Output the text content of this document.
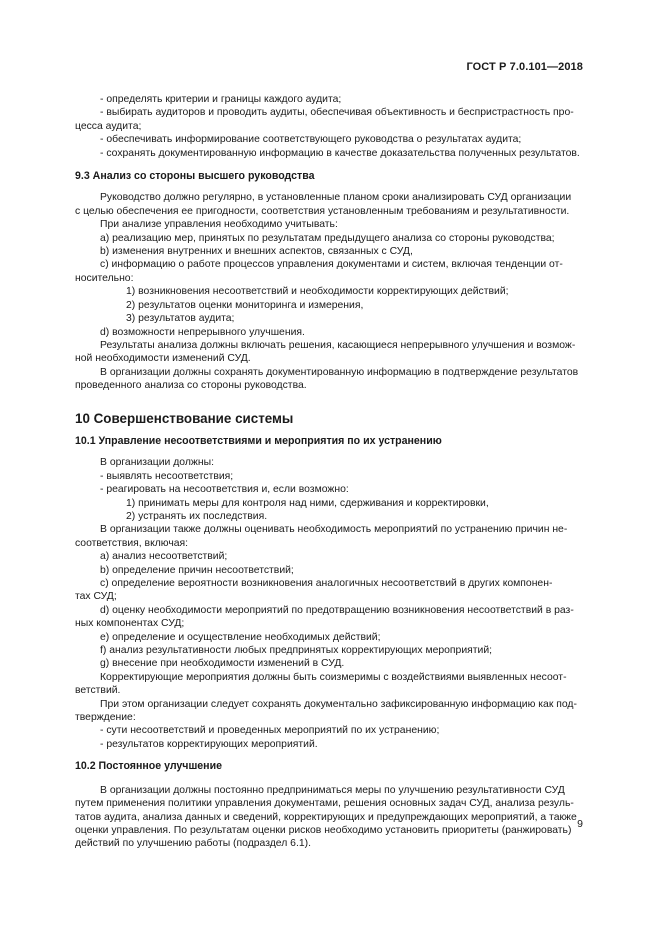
ГОСТ Р 7.0.101—2018
- определять критерии и границы каждого аудита;
- выбирать аудиторов и проводить аудиты, обеспечивая объективность и беспристрастность про-
цесса аудита;
- обеспечивать информирование соответствующего руководства о результатах аудита;
- сохранять документированную информацию в качестве доказательства полученных результатов.
9.3 Анализ со стороны высшего руководства
Руководство должно регулярно, в установленные планом сроки анализировать СУД организации
с целью обеспечения ее пригодности, соответствия установленным требованиям и результативности.
При анализе управления необходимо учитывать:
a) реализацию мер, принятых по результатам предыдущего анализа со стороны руководства;
b) изменения внутренних и внешних аспектов, связанных с СУД,
c) информацию о работе процессов управления документами и систем, включая тенденции от-
носительно:
1) возникновения несоответствий и необходимости корректирующих действий;
2) результатов оценки мониторинга и измерения,
3) результатов аудита;
d) возможности непрерывного улучшения.
Результаты анализа должны включать решения, касающиеся непрерывного улучшения и возмож-
ной необходимости изменений СУД.
В организации должны сохранять документированную информацию в подтверждение результатов
проведенного анализа со стороны руководства.
10 Совершенствование системы
10.1 Управление несоответствиями и мероприятия по их устранению
В организации должны:
- выявлять несоответствия;
- реагировать на несоответствия и, если возможно:
1) принимать меры для контроля над ними, сдерживания и корректировки,
2) устранять их последствия.
В организации также должны оценивать необходимость мероприятий по устранению причин не-
соответствия, включая:
a) анализ несоответствий;
b) определение причин несоответствий;
c) определение вероятности возникновения аналогичных несоответствий в других компонен-
тах СУД;
d) оценку необходимости мероприятий по предотвращению возникновения несоответствий в раз-
ных компонентах СУД;
e) определение и осуществление необходимых действий;
f) анализ результативности любых предпринятых корректирующих мероприятий;
g) внесение при необходимости изменений в СУД.
Корректирующие мероприятия должны быть соизмеримы с воздействиями выявленных несоот-
ветствий.
При этом организации следует сохранять документально зафиксированную информацию как под-
тверждение:
- сути несоответствий и проведенных мероприятий по их устранению;
- результатов корректирующих мероприятий.
10.2 Постоянное улучшение
В организации должны постоянно предприниматься меры по улучшению результативности СУД
путем применения политики управления документами, решения основных задач СУД, анализа резуль-
татов аудита, анализа данных и сведений, корректирующих и предупреждающих мероприятий, а также
оценки управления. По результатам оценки рисков необходимо установить приоритеты (ранжировать)
действий по улучшению работы (подраздел 6.1).
9
